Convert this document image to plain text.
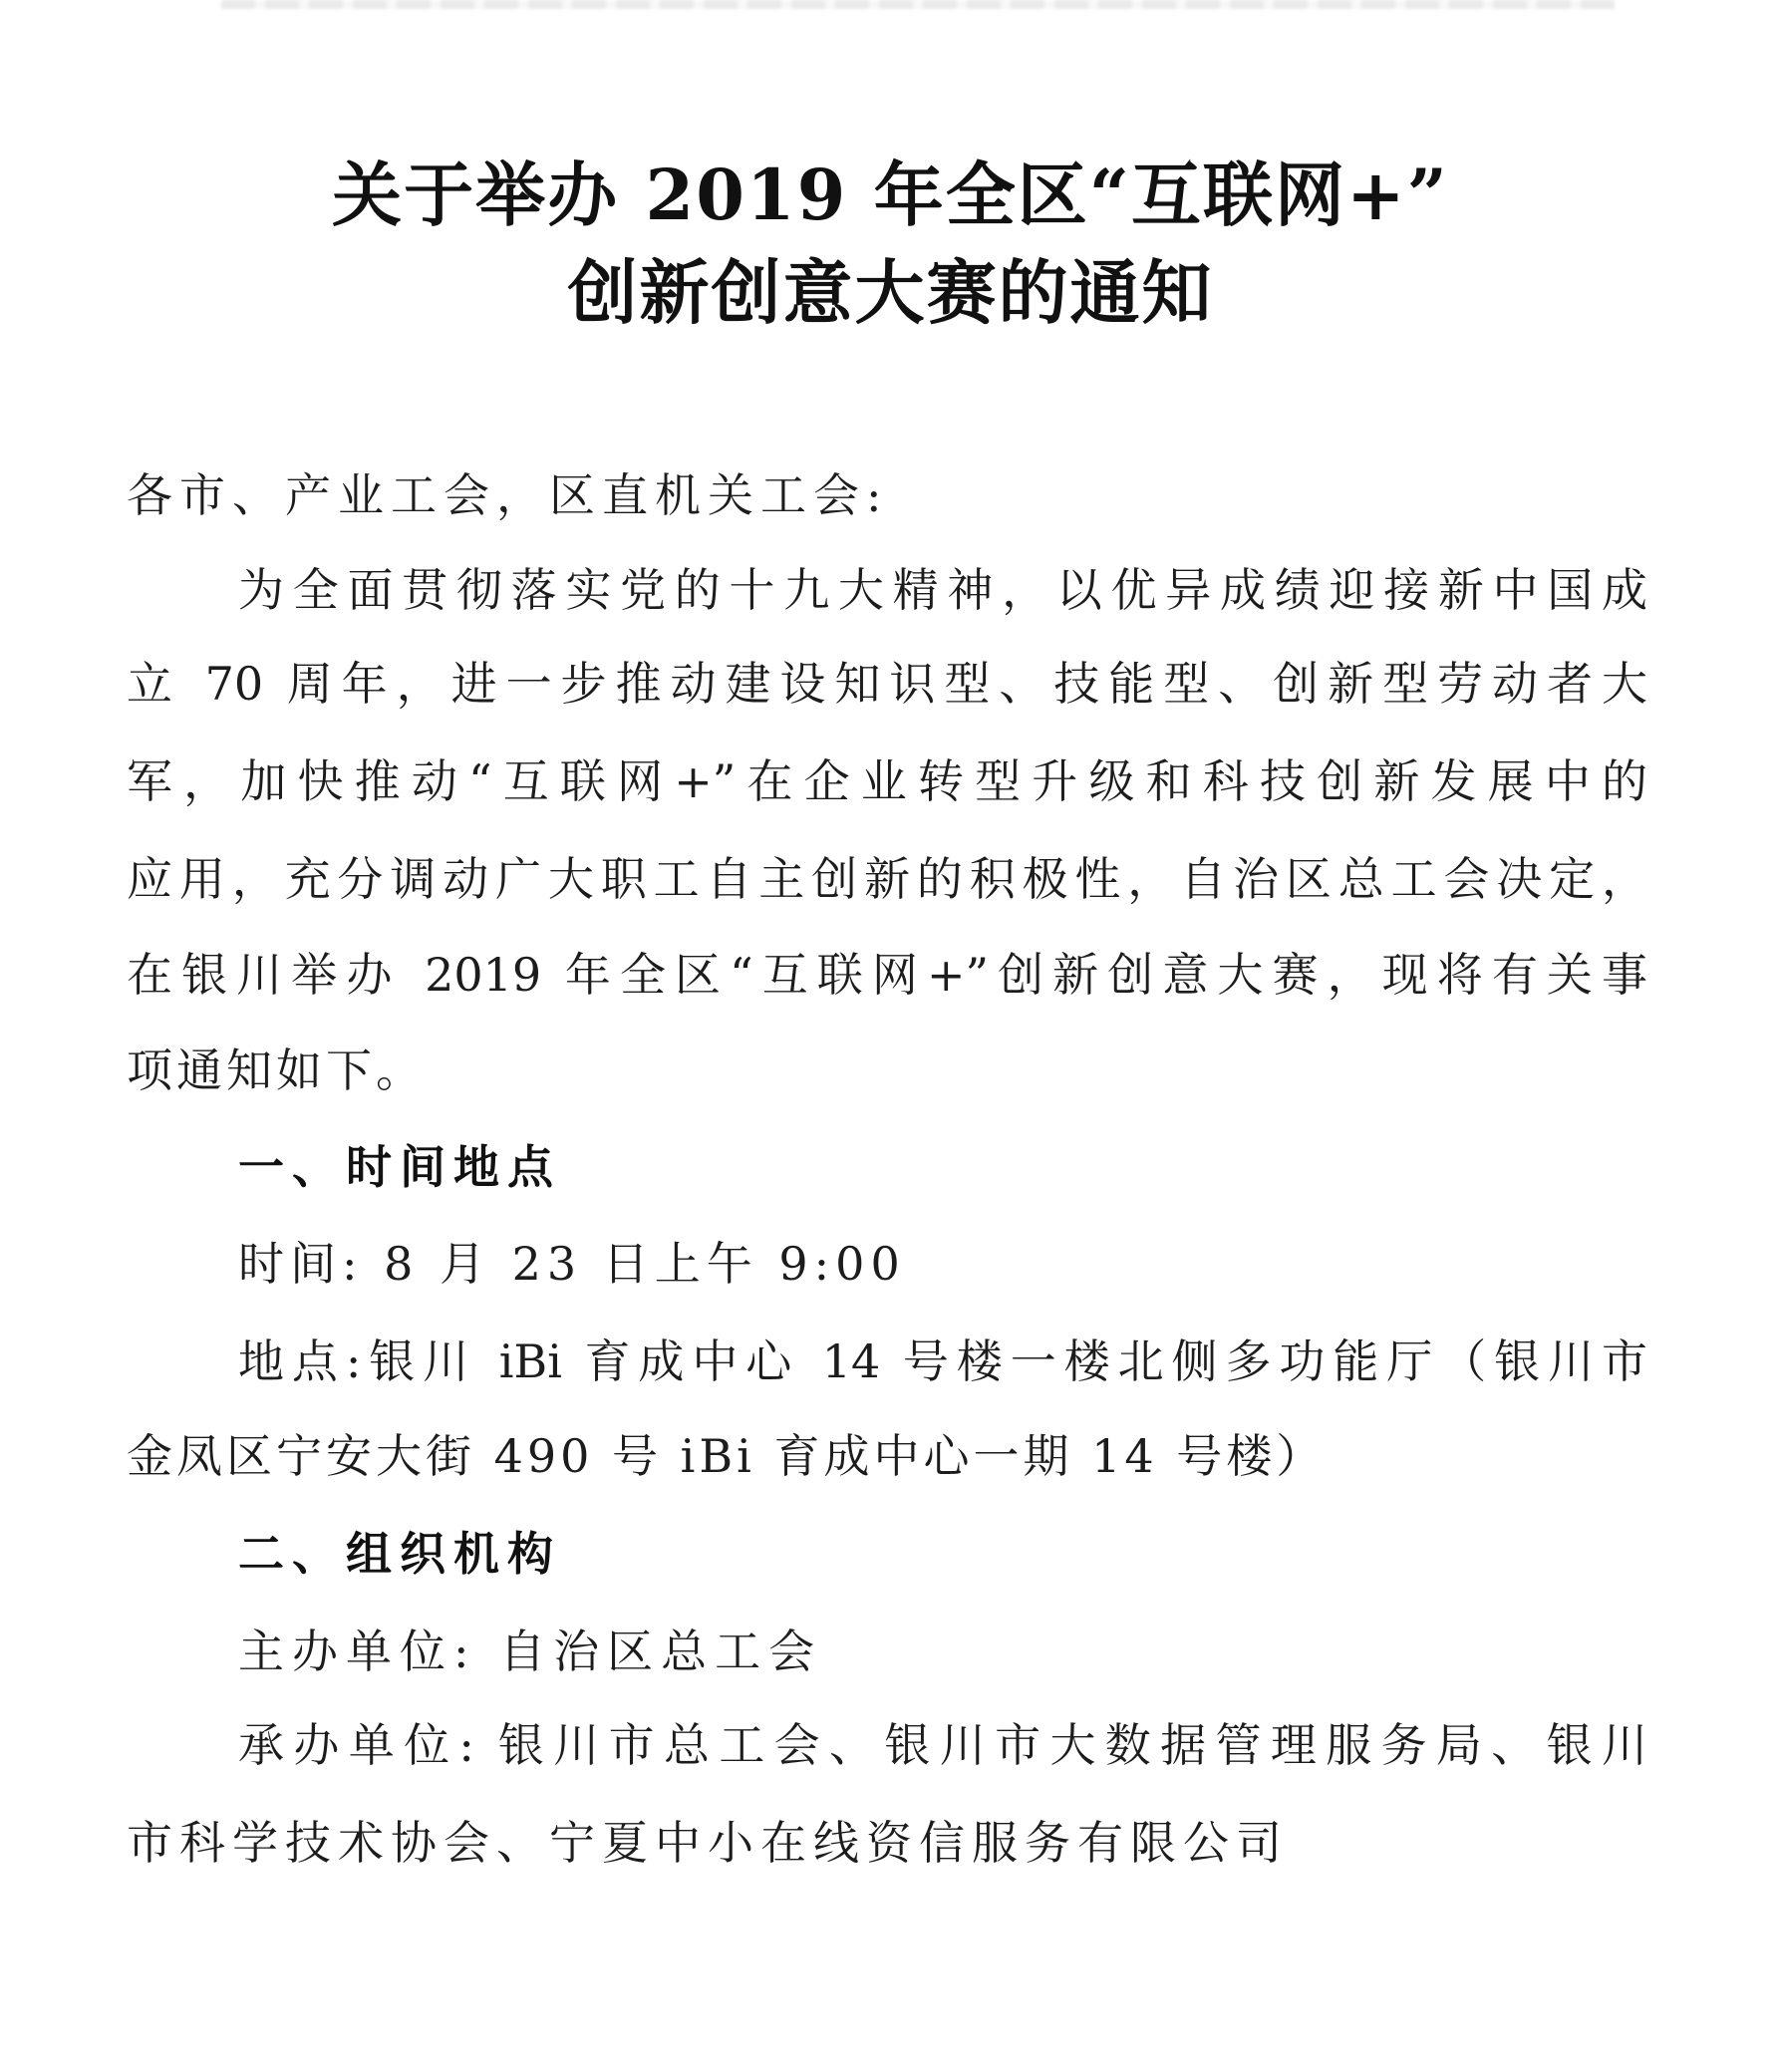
关于举办 2019 年全区“互联网+”
创新创意大赛的通知
各市、产业工会，区直机关工会:
为全面贯彻落实党的十九大精神，以优异成绩迎接新中国成
立 70 周年，进一步推动建设知识型、技能型、创新型劳动者大
军，加快推动“互联网+”在企业转型升级和科技创新发展中的
应用，充分调动广大职工自主创新的积极性，自治区总工会决定，
在银川举办 2019 年全区“互联网+”创新创意大赛，现将有关事
项通知如下。
一、时间地点
时间: 8 月 23 日上午 9:00
地点:银川 iBi 育成中心 14 号楼一楼北侧多功能厅（银川市
金凤区宁安大街 490 号 iBi 育成中心一期 14 号楼）
二、组织机构
主办单位: 自治区总工会
承办单位: 银川市总工会、银川市大数据管理服务局、银川
市科学技术协会、宁夏中小在线资信服务有限公司
